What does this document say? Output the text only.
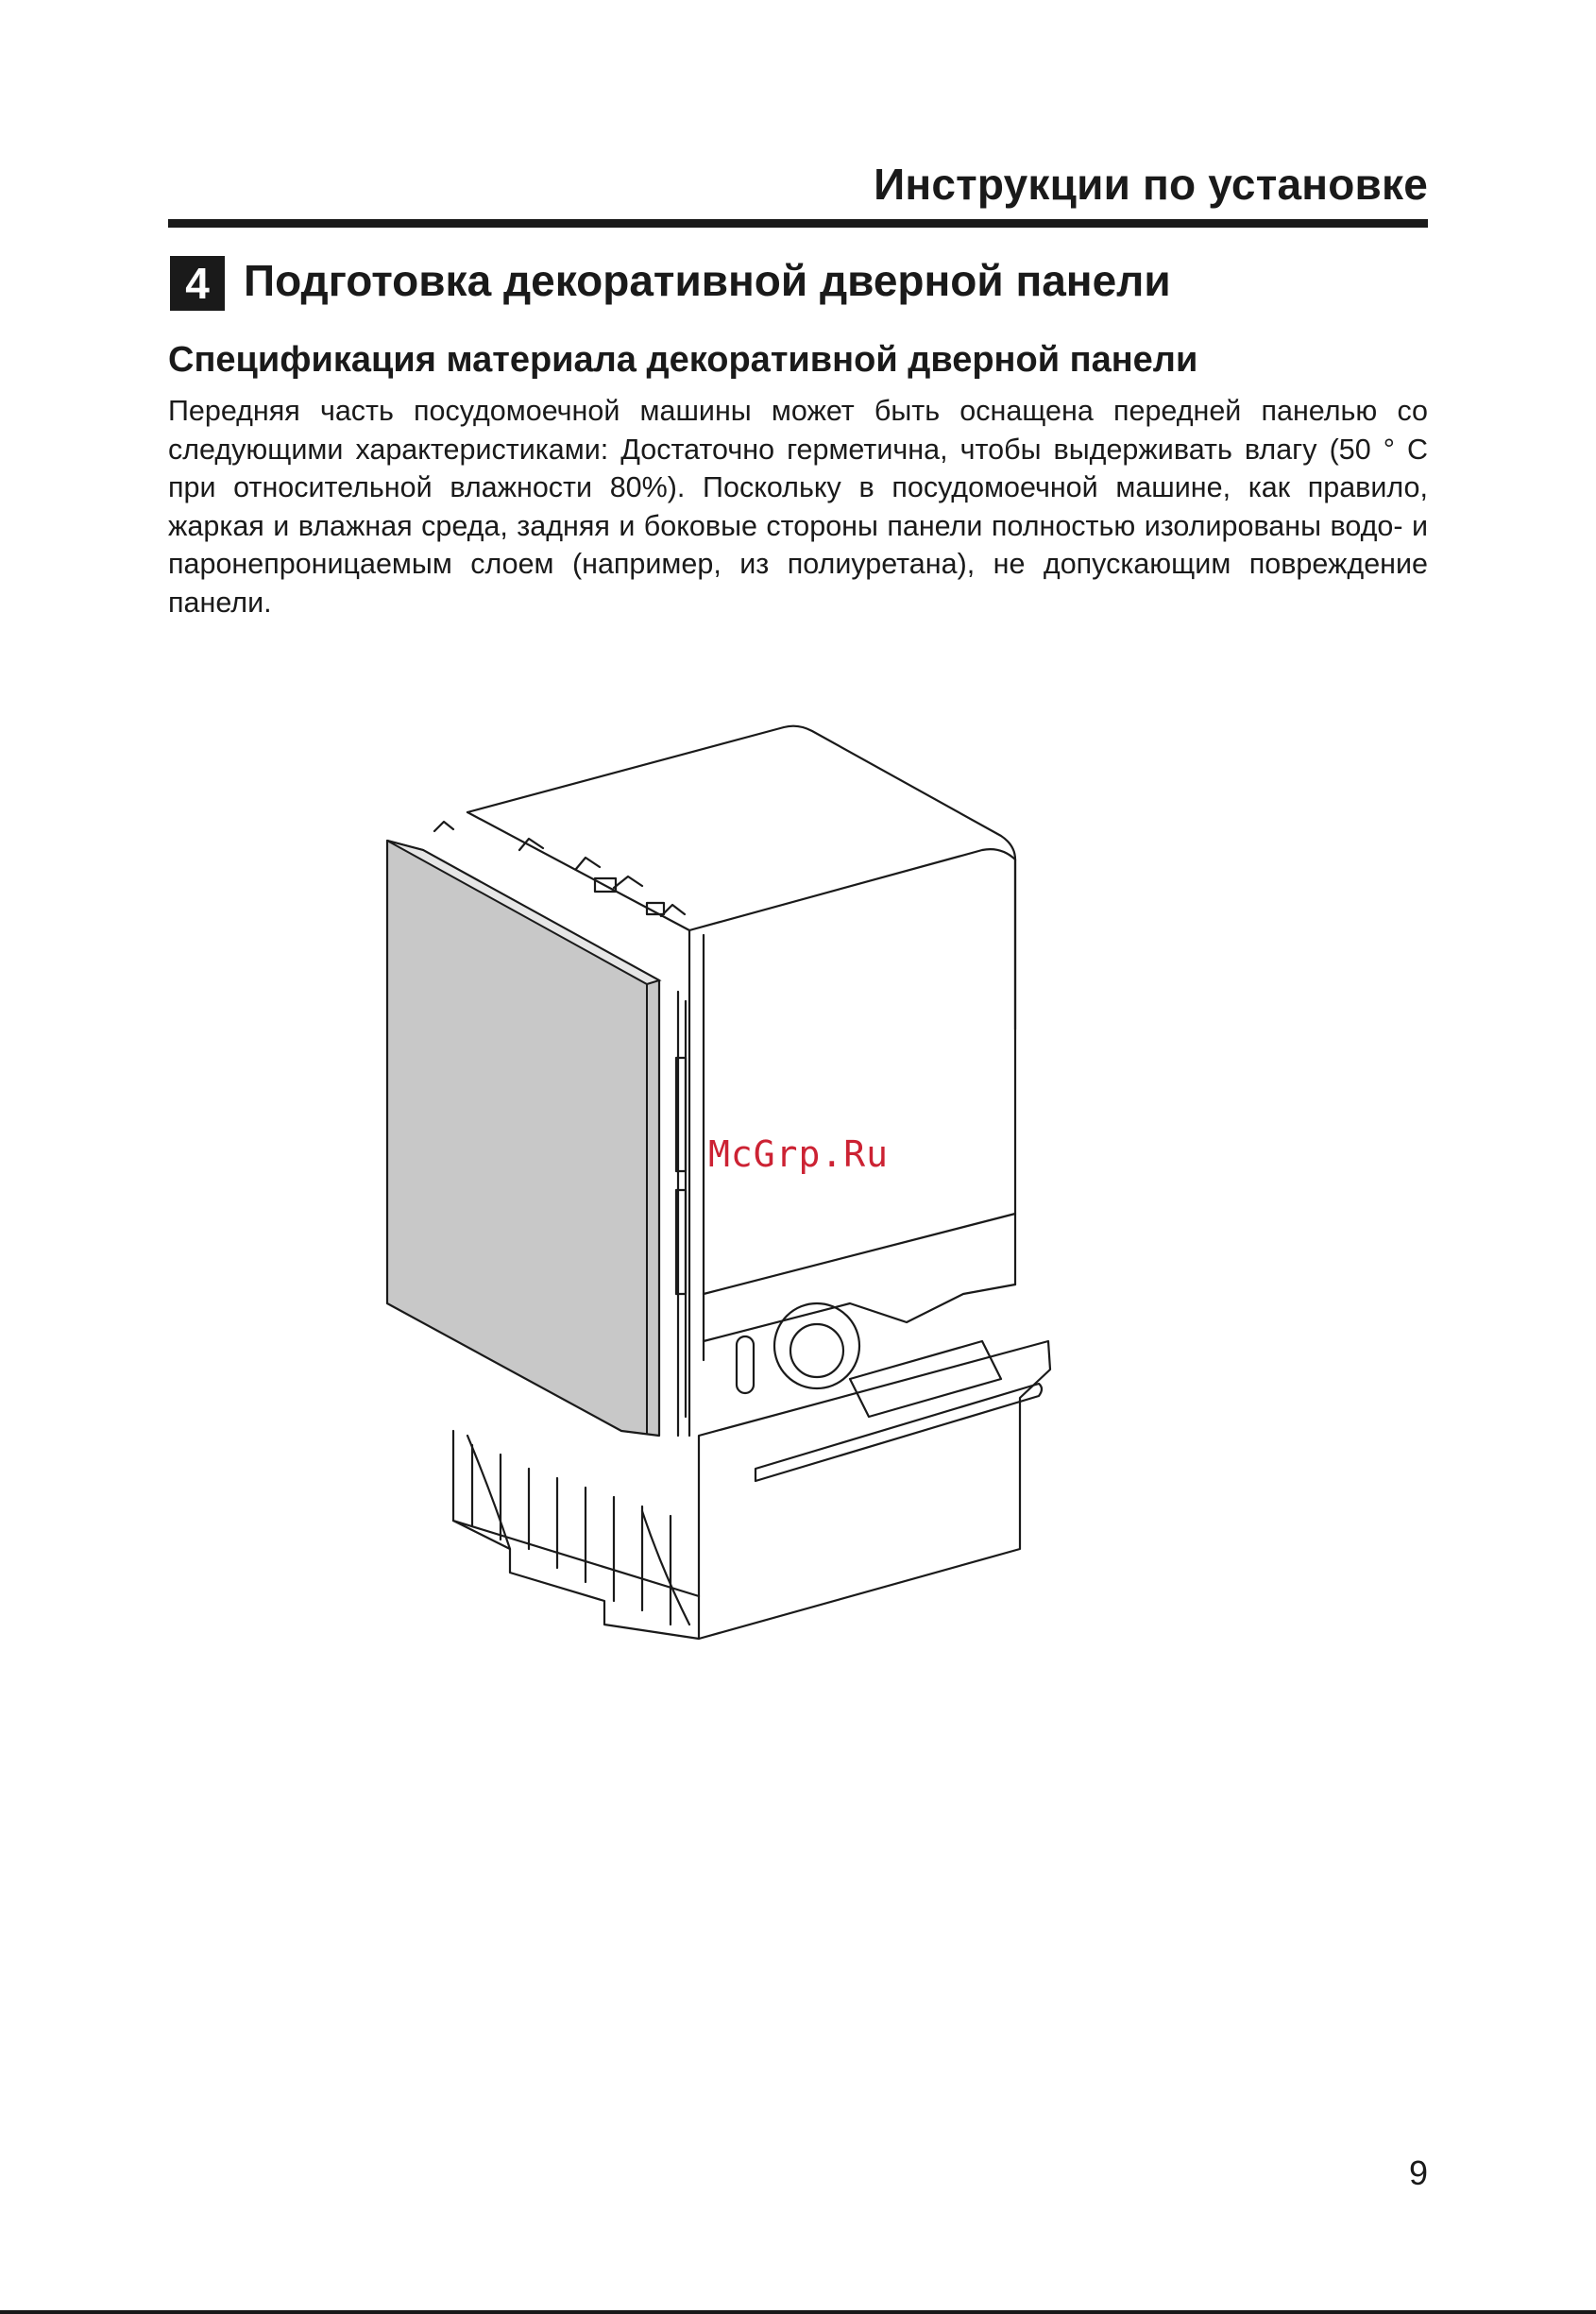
Инструкции по установке
4 Подготовка декоративной дверной панели
Спецификация материала декоративной дверной панели
Передняя часть посудомоечной машины может быть оснащена передней панелью со следующими характеристиками: Достаточно герметична, чтобы выдерживать влагу (50 ° С при относительной влажности 80%). Поскольку в посудомоечной машине, как правило, жаркая и влажная среда, задняя и боковые стороны панели полностью изолированы водо- и паронепроницаемым слоем (например, из полиуретана), не допускающим повреждение панели.
McGrp.Ru
9
